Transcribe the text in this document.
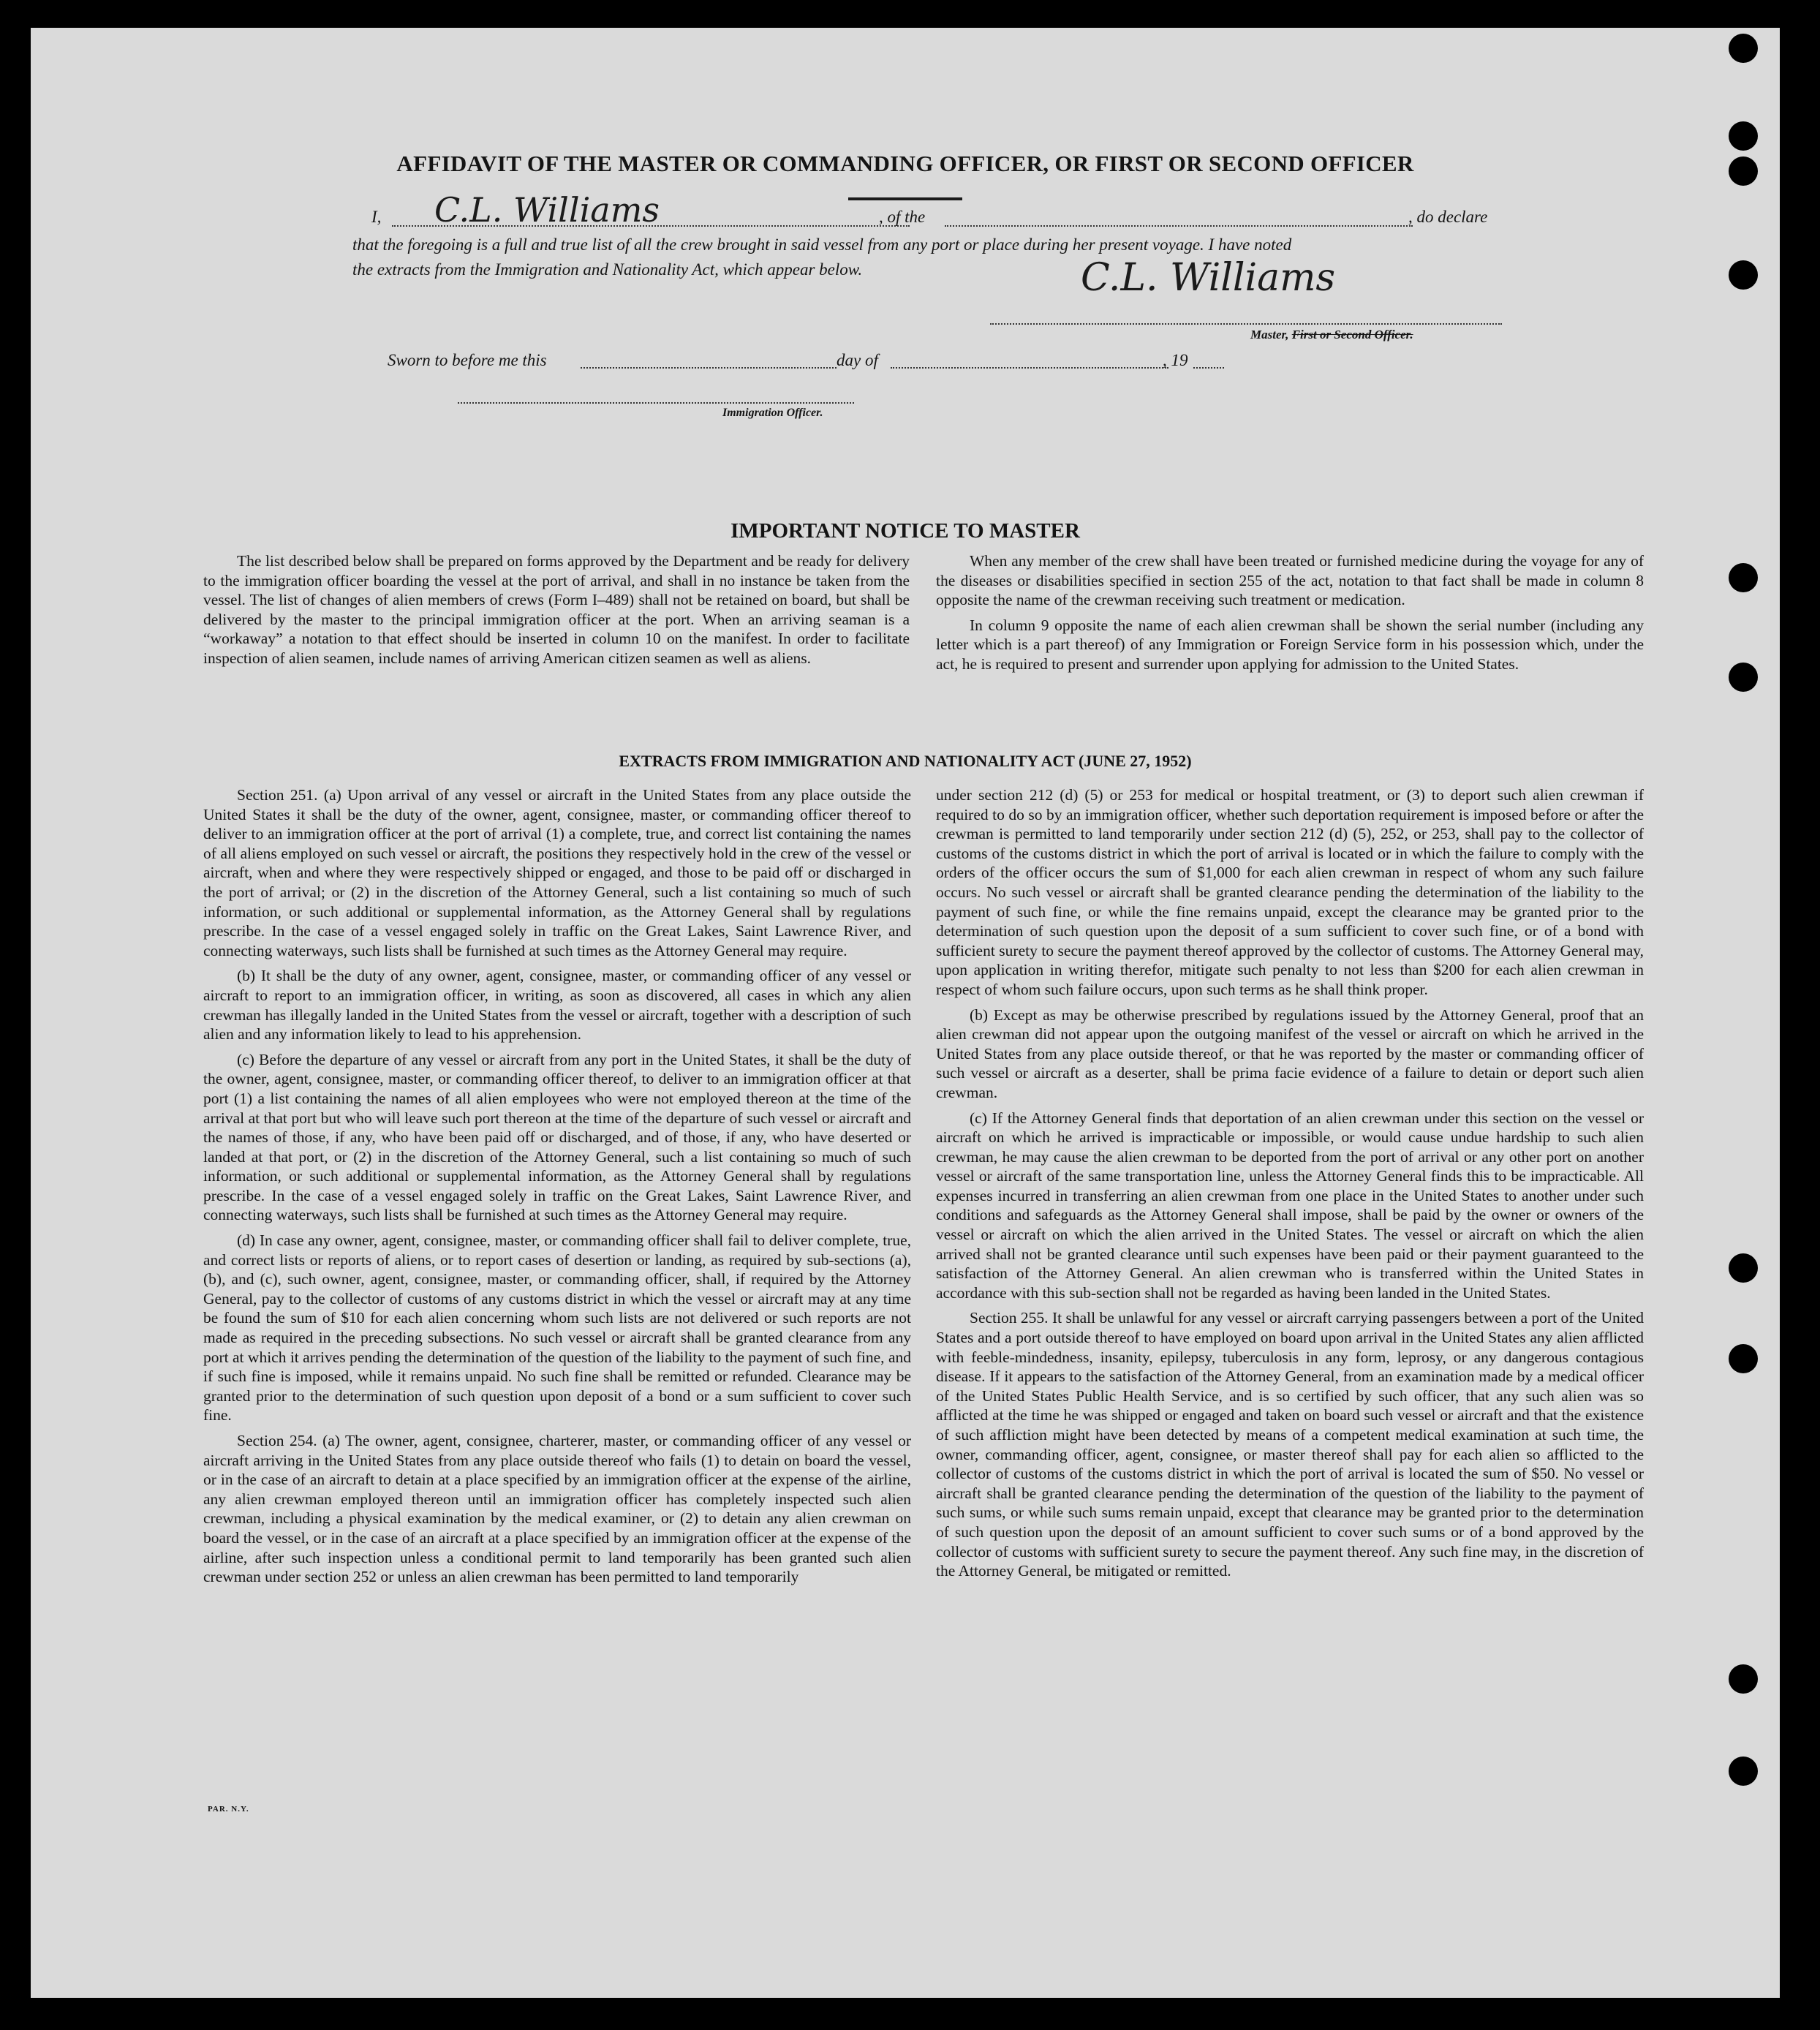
AFFIDAVIT OF THE MASTER OR COMMANDING OFFICER, OR FIRST OR SECOND OFFICER
I, C.L. Williams	, of the	, do declare
that the foregoing is a full and true list of all the crew brought in said vessel from any port or place during her present voyage. I have noted
the extracts from the Immigration and Nationality Act, which appear below.	C.L. Williams
Master, First or Second Officer.
Sworn to before me this	day of	, 19
Immigration Officer.
IMPORTANT NOTICE TO MASTER

The list described below shall be prepared on forms approved by the Department and be ready for delivery to the immigration officer boarding the vessel at the port of arrival, and shall in no instance be taken from the vessel. The list of changes of alien members of crews (Form I–489) shall not be retained on board, but shall be delivered by the master to the principal immigration officer at the port. When an arriving seaman is a “workaway” a notation to that effect should be inserted in column 10 on the manifest. In order to facilitate inspection of alien seamen, include names of arriving American citizen seamen as well as aliens.

When any member of the crew shall have been treated or furnished medicine during the voyage for any of the diseases or disabilities specified in section 255 of the act, notation to that fact shall be made in column 8 opposite the name of the crewman receiving such treatment or medication.

In column 9 opposite the name of each alien crewman shall be shown the serial number (including any letter which is a part thereof) of any Immigration or Foreign Service form in his possession which, under the act, he is required to present and surrender upon applying for admission to the United States.

EXTRACTS FROM IMMIGRATION AND NATIONALITY ACT (JUNE 27, 1952)

Section 251. (a) Upon arrival of any vessel or aircraft in the United States from any place outside the United States it shall be the duty of the owner, agent, consignee, master, or commanding officer thereof to deliver to an immigration officer at the port of arrival (1) a complete, true, and correct list containing the names of all aliens employed on such vessel or aircraft, the positions they respectively hold in the crew of the vessel or aircraft, when and where they were respectively shipped or engaged, and those to be paid off or discharged in the port of arrival; or (2) in the discretion of the Attorney General, such a list containing so much of such information, or such additional or supplemental information, as the Attorney General shall by regulations prescribe. In the case of a vessel engaged solely in traffic on the Great Lakes, Saint Lawrence River, and connecting waterways, such lists shall be furnished at such times as the Attorney General may require.

(b) It shall be the duty of any owner, agent, consignee, master, or commanding officer of any vessel or aircraft to report to an immigration officer, in writing, as soon as discovered, all cases in which any alien crewman has illegally landed in the United States from the vessel or aircraft, together with a description of such alien and any information likely to lead to his apprehension.

(c) Before the departure of any vessel or aircraft from any port in the United States, it shall be the duty of the owner, agent, consignee, master, or commanding officer thereof, to deliver to an immigration officer at that port (1) a list containing the names of all alien employees who were not employed thereon at the time of the arrival at that port but who will leave such port thereon at the time of the departure of such vessel or aircraft and the names of those, if any, who have been paid off or discharged, and of those, if any, who have deserted or landed at that port, or (2) in the discretion of the Attorney General, such a list containing so much of such information, or such additional or supplemental information, as the Attorney General shall by regulations prescribe. In the case of a vessel engaged solely in traffic on the Great Lakes, Saint Lawrence River, and connecting waterways, such lists shall be furnished at such times as the Attorney General may require.

(d) In case any owner, agent, consignee, master, or commanding officer shall fail to deliver complete, true, and correct lists or reports of aliens, or to report cases of desertion or landing, as required by sub-sections (a), (b), and (c), such owner, agent, consignee, master, or commanding officer, shall, if required by the Attorney General, pay to the collector of customs of any customs district in which the vessel or aircraft may at any time be found the sum of $10 for each alien concerning whom such lists are not delivered or such reports are not made as required in the preceding subsections. No such vessel or aircraft shall be granted clearance from any port at which it arrives pending the determination of the question of the liability to the payment of such fine, and if such fine is imposed, while it remains unpaid. No such fine shall be remitted or refunded. Clearance may be granted prior to the determination of such question upon deposit of a bond or a sum sufficient to cover such fine.

Section 254. (a) The owner, agent, consignee, charterer, master, or commanding officer of any vessel or aircraft arriving in the United States from any place outside thereof who fails (1) to detain on board the vessel, or in the case of an aircraft to detain at a place specified by an immigration officer at the expense of the airline, any alien crewman employed thereon until an immigration officer has completely inspected such alien crewman, including a physical examination by the medical examiner, or (2) to detain any alien crewman on board the vessel, or in the case of an aircraft at a place specified by an immigration officer at the expense of the airline, after such inspection unless a conditional permit to land temporarily has been granted such alien crewman under section 252 or unless an alien crewman has been permitted to land temporarily

under section 212 (d) (5) or 253 for medical or hospital treatment, or (3) to deport such alien crewman if required to do so by an immigration officer, whether such deportation requirement is imposed before or after the crewman is permitted to land temporarily under section 212 (d) (5), 252, or 253, shall pay to the collector of customs of the customs district in which the port of arrival is located or in which the failure to comply with the orders of the officer occurs the sum of $1,000 for each alien crewman in respect of whom any such failure occurs. No such vessel or aircraft shall be granted clearance pending the determination of the liability to the payment of such fine, or while the fine remains unpaid, except the clearance may be granted prior to the determination of such question upon the deposit of a sum sufficient to cover such fine, or of a bond with sufficient surety to secure the payment thereof approved by the collector of customs. The Attorney General may, upon application in writing therefor, mitigate such penalty to not less than $200 for each alien crewman in respect of whom such failure occurs, upon such terms as he shall think proper.

(b) Except as may be otherwise prescribed by regulations issued by the Attorney General, proof that an alien crewman did not appear upon the outgoing manifest of the vessel or aircraft on which he arrived in the United States from any place outside thereof, or that he was reported by the master or commanding officer of such vessel or aircraft as a deserter, shall be prima facie evidence of a failure to detain or deport such alien crewman.

(c) If the Attorney General finds that deportation of an alien crewman under this section on the vessel or aircraft on which he arrived is impracticable or impossible, or would cause undue hardship to such alien crewman, he may cause the alien crewman to be deported from the port of arrival or any other port on another vessel or aircraft of the same transportation line, unless the Attorney General finds this to be impracticable. All expenses incurred in transferring an alien crewman from one place in the United States to another under such conditions and safeguards as the Attorney General shall impose, shall be paid by the owner or owners of the vessel or aircraft on which the alien arrived in the United States. The vessel or aircraft on which the alien arrived shall not be granted clearance until such expenses have been paid or their payment guaranteed to the satisfaction of the Attorney General. An alien crewman who is transferred within the United States in accordance with this sub-section shall not be regarded as having been landed in the United States.

Section 255. It shall be unlawful for any vessel or aircraft carrying passengers between a port of the United States and a port outside thereof to have employed on board upon arrival in the United States any alien afflicted with feeble-mindedness, insanity, epilepsy, tuberculosis in any form, leprosy, or any dangerous contagious disease. If it appears to the satisfaction of the Attorney General, from an examination made by a medical officer of the United States Public Health Service, and is so certified by such officer, that any such alien was so afflicted at the time he was shipped or engaged and taken on board such vessel or aircraft and that the existence of such affliction might have been detected by means of a competent medical examination at such time, the owner, commanding officer, agent, consignee, or master thereof shall pay for each alien so afflicted to the collector of customs of the customs district in which the port of arrival is located the sum of $50. No vessel or aircraft shall be granted clearance pending the determination of the question of the liability to the payment of such sums, or while such sums remain unpaid, except that clearance may be granted prior to the determination of such question upon the deposit of an amount sufficient to cover such sums or of a bond approved by the collector of customs with sufficient surety to secure the payment thereof. Any such fine may, in the discretion of the Attorney General, be mitigated or remitted.

PAR. N.Y.
